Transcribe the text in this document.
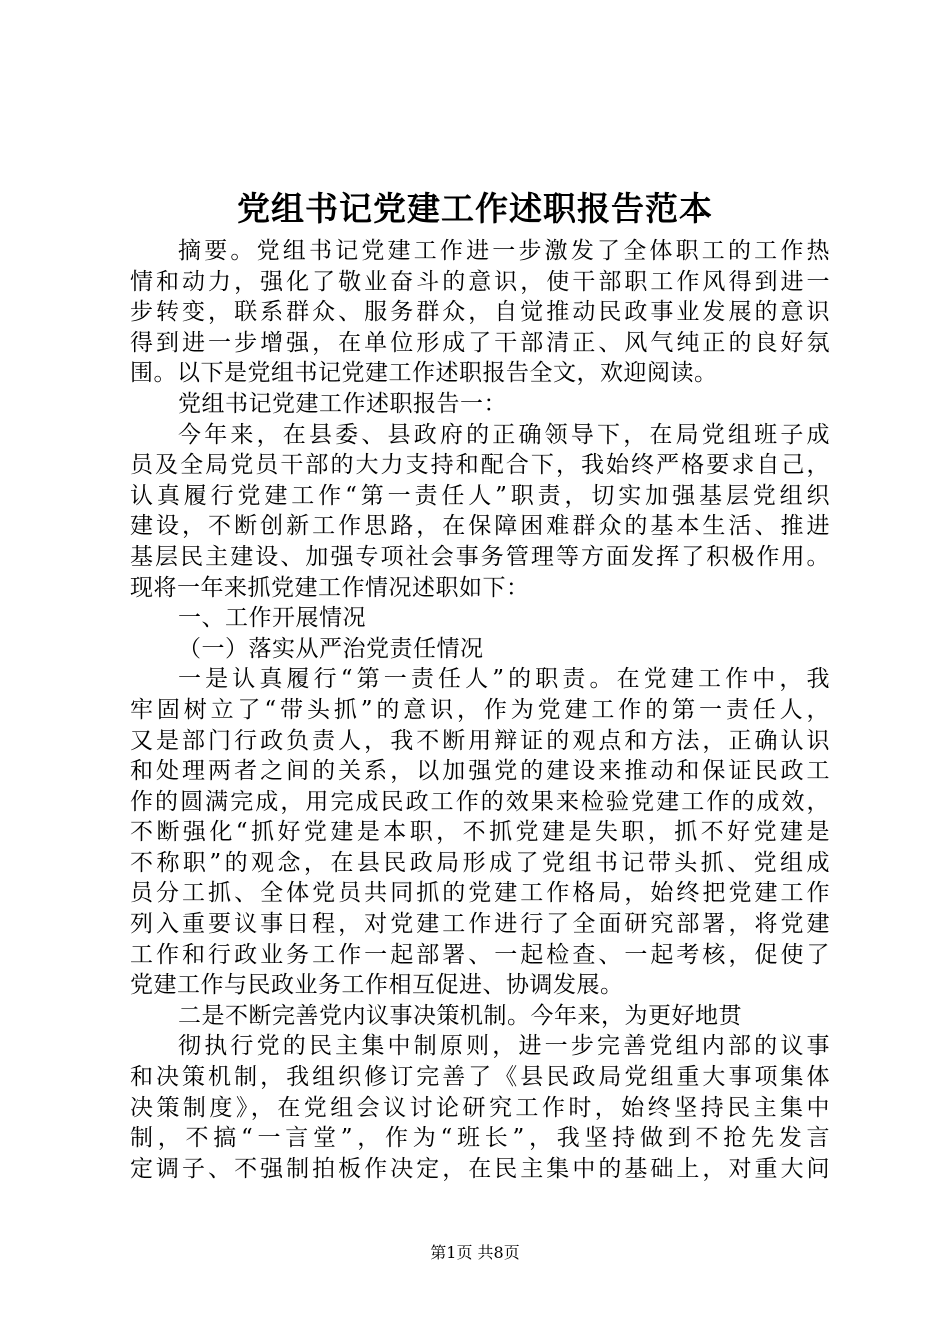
党组书记党建工作述职报告范本
摘要。党组书记党建工作进一步激发了全体职工的工作热
情和动力，强化了敬业奋斗的意识，使干部职工作风得到进一
步转变，联系群众、服务群众，自觉推动民政事业发展的意识
得到进一步增强，在单位形成了干部清正、风气纯正的良好氛
围。以下是党组书记党建工作述职报告全文，欢迎阅读。
党组书记党建工作述职报告一：
今年来，在县委、县政府的正确领导下，在局党组班子成
员及全局党员干部的大力支持和配合下，我始终严格要求自己，
认真履行党建工作“第一责任人”职责，切实加强基层党组织
建设，不断创新工作思路，在保障困难群众的基本生活、推进
基层民主建设、加强专项社会事务管理等方面发挥了积极作用。
现将一年来抓党建工作情况述职如下：
一、工作开展情况
（一）落实从严治党责任情况
一是认真履行“第一责任人”的职责。在党建工作中，我
牢固树立了“带头抓”的意识，作为党建工作的第一责任人，
又是部门行政负责人，我不断用辩证的观点和方法，正确认识
和处理两者之间的关系，以加强党的建设来推动和保证民政工
作的圆满完成，用完成民政工作的效果来检验党建工作的成效，
不断强化“抓好党建是本职，不抓党建是失职，抓不好党建是
不称职”的观念，在县民政局形成了党组书记带头抓、党组成
员分工抓、全体党员共同抓的党建工作格局，始终把党建工作
列入重要议事日程，对党建工作进行了全面研究部署，将党建
工作和行政业务工作一起部署、一起检查、一起考核，促使了
党建工作与民政业务工作相互促进、协调发展。
二是不断完善党内议事决策机制。今年来，为更好地贯
彻执行党的民主集中制原则，进一步完善党组内部的议事
和决策机制，我组织修订完善了《县民政局党组重大事项集体
决策制度》，在党组会议讨论研究工作时，始终坚持民主集中
制，不搞“一言堂”，作为“班长”，我坚持做到不抢先发言
定调子、不强制拍板作决定，在民主集中的基础上，对重大问
第1页 共8页
